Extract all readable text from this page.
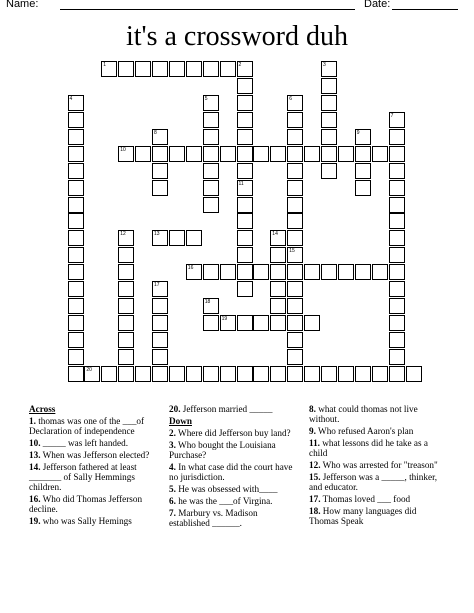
Name:	Date:
it's a crossword duh
1
10
13
16
19
20
2	3
4	5	6
7
8	9
11
12	14
15
17
18
Across
1. thomas was one of the ___of Declaration of independence
10. _____ was left handed.
13. When was Jefferson elected?
14. Jefferson fathered at least _______ of Sally Hemmings children.
16. Who did Thomas Jefferson decline.
19. who was Sally Hemings
20. Jefferson married _____
Down
2. Where did Jefferson buy land?
3. Who bought the Louisiana Purchase?
4. In what case did the court have no jurisdiction.
5. He was obsessed with____
6. he was the ___of Virgina.
7. Marbury vs. Madison established ______.
8. what could thomas not live without.
9. Who refused Aaron's plan
11. what lessons did he take as a child
12. Who was arrested for "treason"
15. Jefferson was a _____, thinker, and educator.
17. Thomas loved ___ food
18. How many languages did Thomas Speak
